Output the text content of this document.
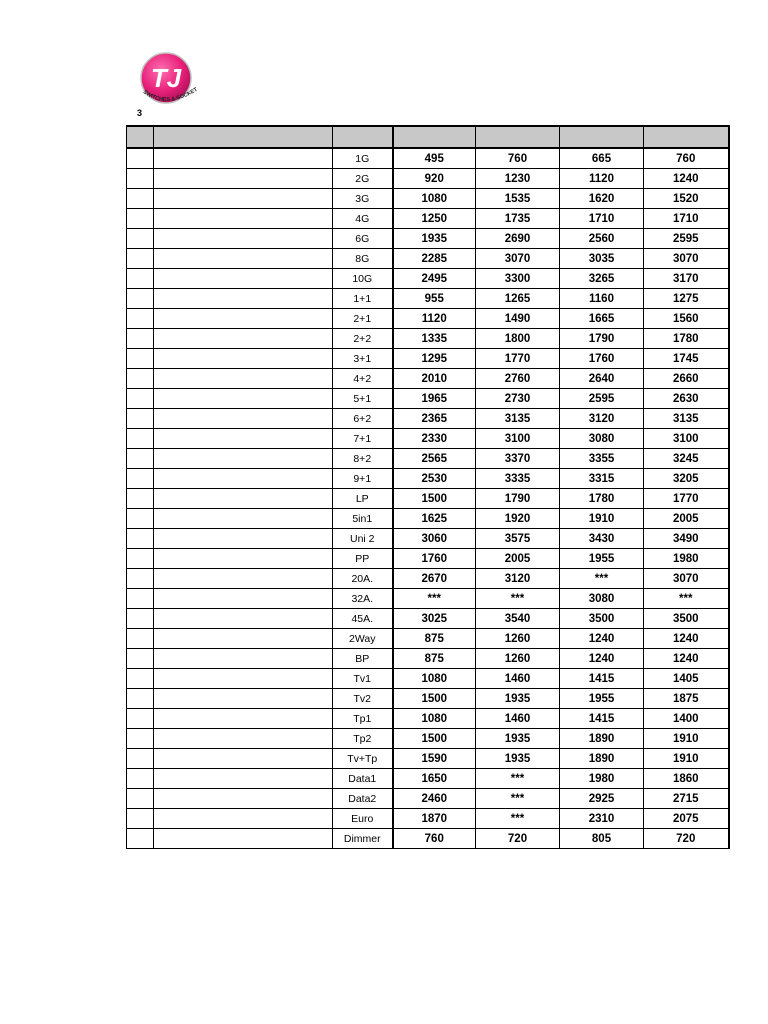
TJ
SWITCHES & SOCKET
3

		1G	495	760	665	760
		2G	920	1230	1120	1240
		3G	1080	1535	1620	1520
		4G	1250	1735	1710	1710
		6G	1935	2690	2560	2595
		8G	2285	3070	3035	3070
		10G	2495	3300	3265	3170
		1+1	955	1265	1160	1275
		2+1	1120	1490	1665	1560
		2+2	1335	1800	1790	1780
		3+1	1295	1770	1760	1745
		4+2	2010	2760	2640	2660
		5+1	1965	2730	2595	2630
		6+2	2365	3135	3120	3135
		7+1	2330	3100	3080	3100
		8+2	2565	3370	3355	3245
		9+1	2530	3335	3315	3205
		LP	1500	1790	1780	1770
		5in1	1625	1920	1910	2005
		Uni 2	3060	3575	3430	3490
		PP	1760	2005	1955	1980
		20A.	2670	3120	***	3070
		32A.	***	***	3080	***
		45A.	3025	3540	3500	3500
		2Way	875	1260	1240	1240
		BP	875	1260	1240	1240
		Tv1	1080	1460	1415	1405
		Tv2	1500	1935	1955	1875
		Tp1	1080	1460	1415	1400
		Tp2	1500	1935	1890	1910
		Tv+Tp	1590	1935	1890	1910
		Data1	1650	***	1980	1860
		Data2	2460	***	2925	2715
		Euro	1870	***	2310	2075
		Dimmer	760	720	805	720
